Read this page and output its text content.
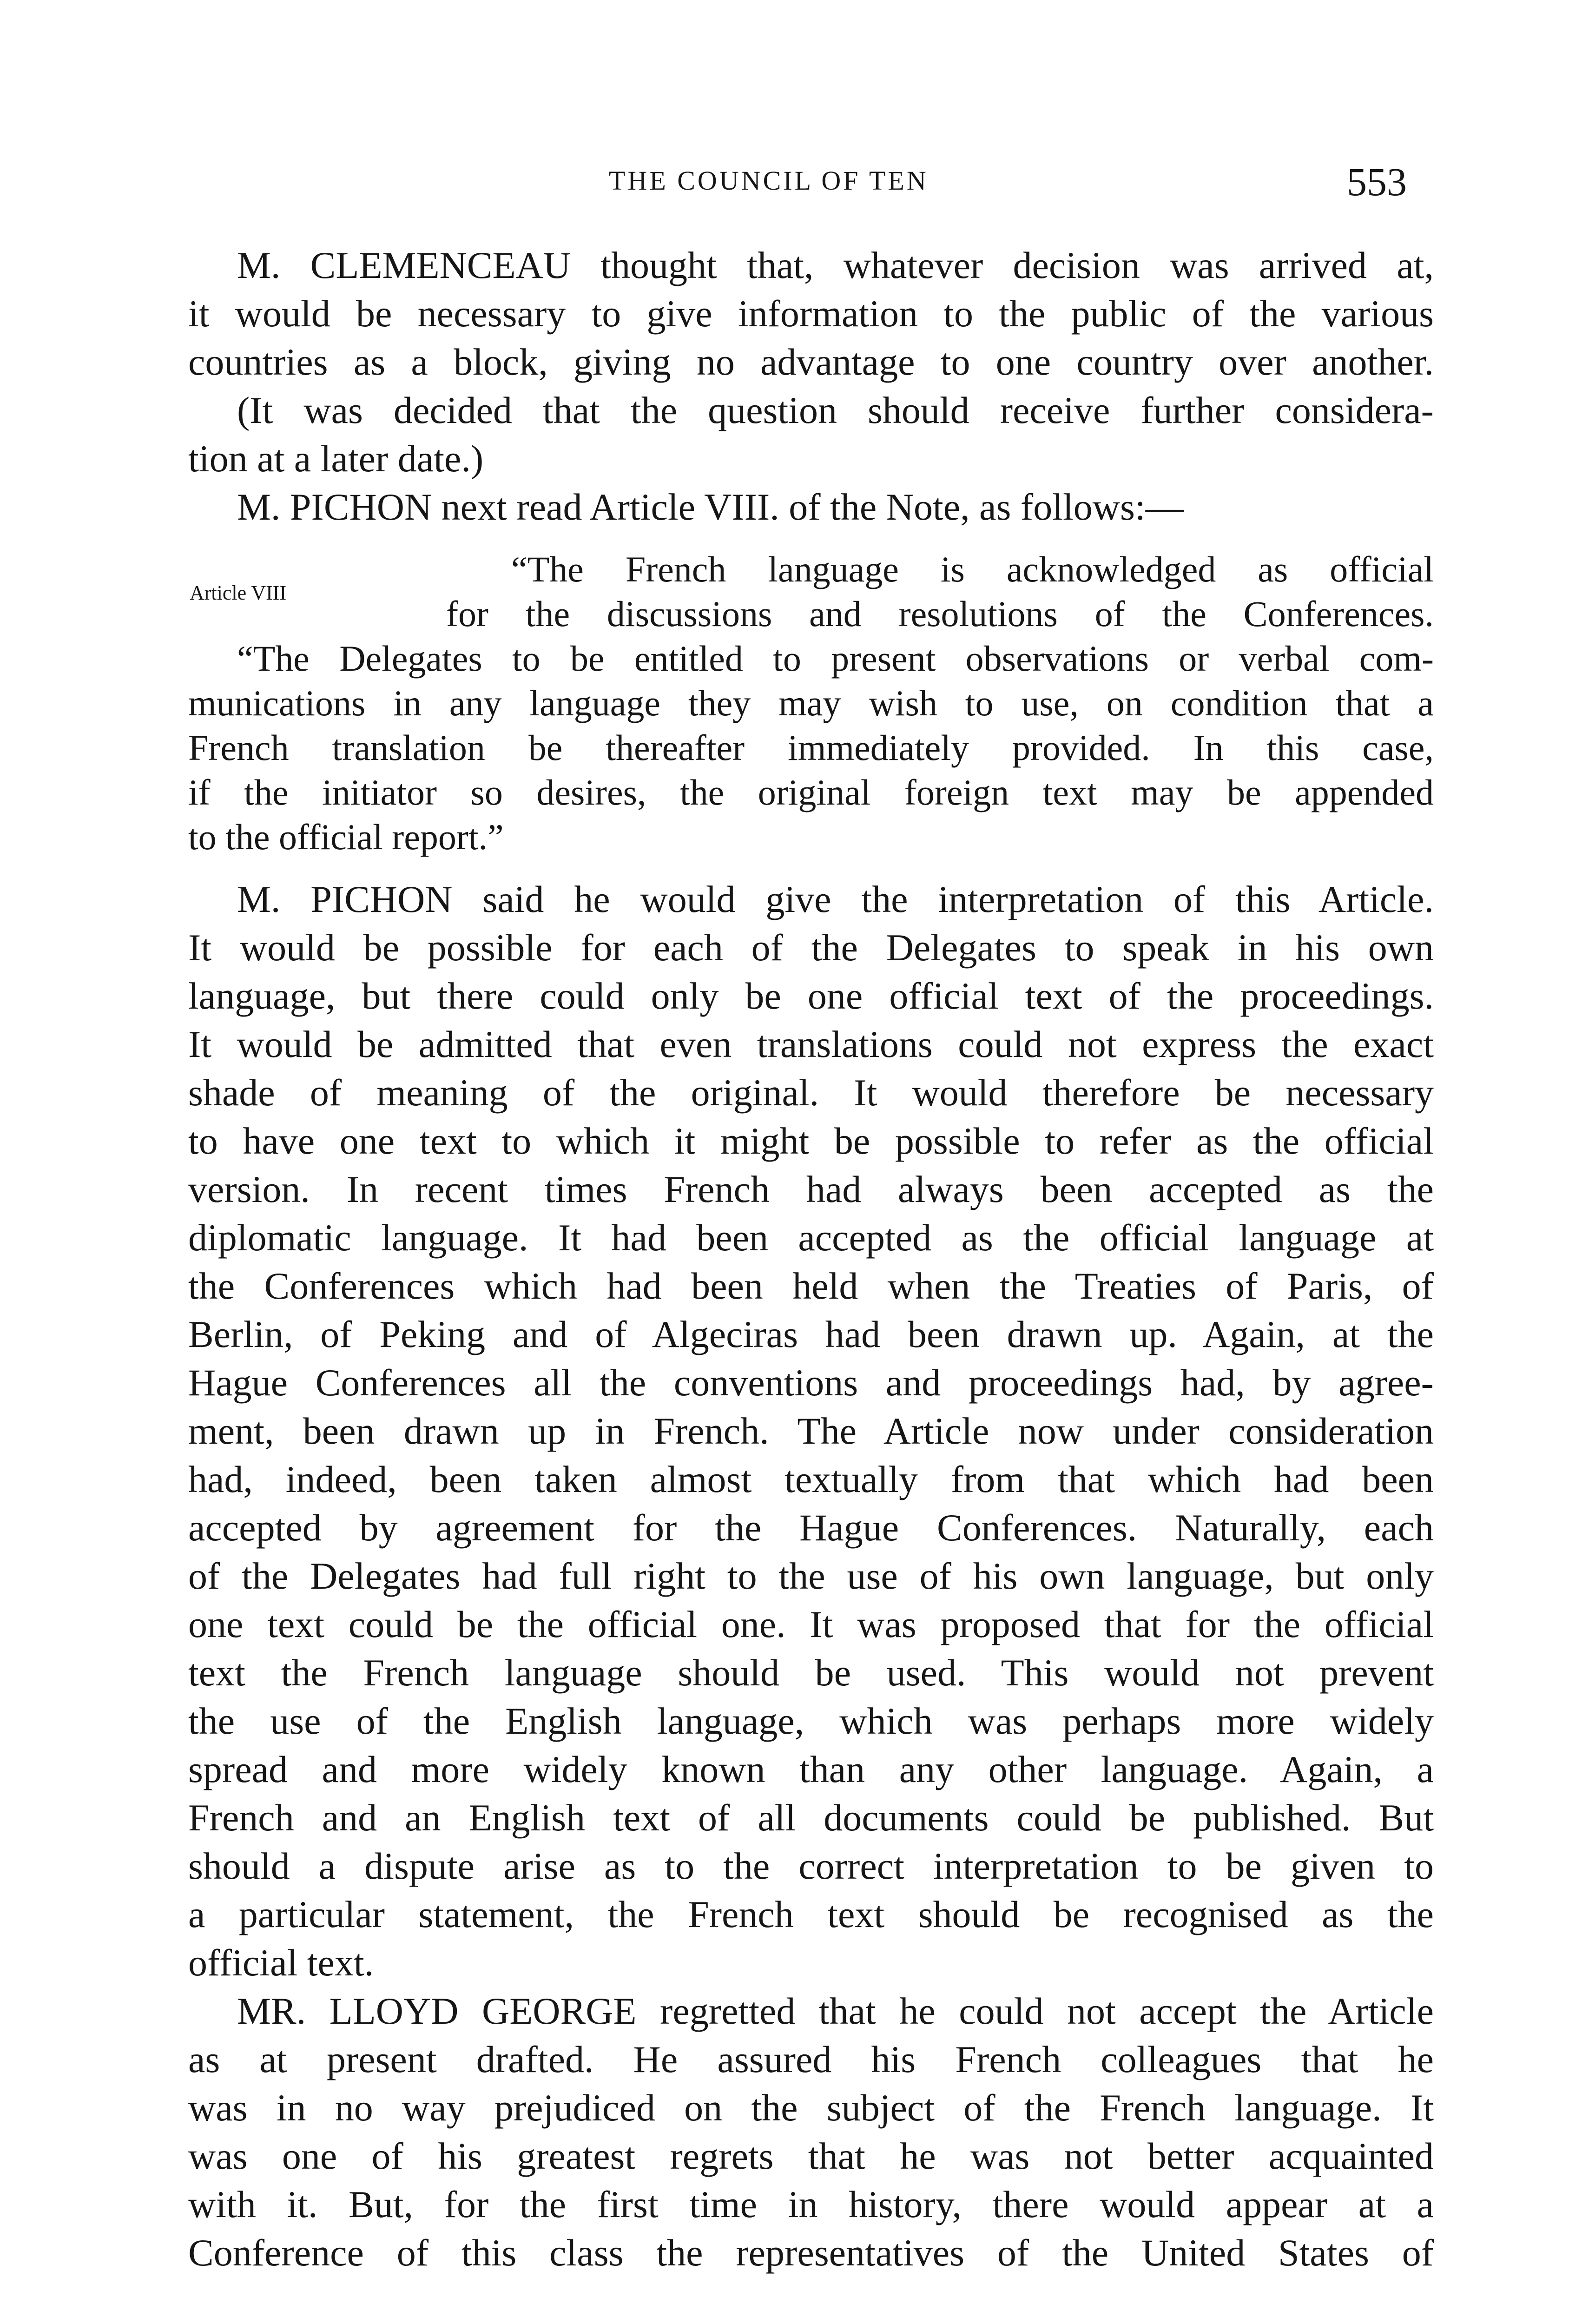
THE COUNCIL OF TEN	553
M. CLEMENCEAU thought that, whatever decision was arrived at,
it would be necessary to give information to the public of the various
countries as a block, giving no advantage to one country over another.
(It was decided that the question should receive further considera-
tion at a later date.)
M. PICHON next read Article VIII. of the Note, as follows:—
Article VIII
“The French language is acknowledged as official
for the discussions and resolutions of the Conferences.
“The Delegates to be entitled to present observations or verbal com-
munications in any language they may wish to use, on condition that a
French translation be thereafter immediately provided. In this case,
if the initiator so desires, the original foreign text may be appended
to the official report.”
M. PICHON said he would give the interpretation of this Article.
It would be possible for each of the Delegates to speak in his own
language, but there could only be one official text of the proceedings.
It would be admitted that even translations could not express the exact
shade of meaning of the original. It would therefore be necessary
to have one text to which it might be possible to refer as the official
version. In recent times French had always been accepted as the
diplomatic language. It had been accepted as the official language at
the Conferences which had been held when the Treaties of Paris, of
Berlin, of Peking and of Algeciras had been drawn up. Again, at the
Hague Conferences all the conventions and proceedings had, by agree-
ment, been drawn up in French. The Article now under consideration
had, indeed, been taken almost textually from that which had been
accepted by agreement for the Hague Conferences. Naturally, each
of the Delegates had full right to the use of his own language, but only
one text could be the official one. It was proposed that for the official
text the French language should be used. This would not prevent
the use of the English language, which was perhaps more widely
spread and more widely known than any other language. Again, a
French and an English text of all documents could be published. But
should a dispute arise as to the correct interpretation to be given to
a particular statement, the French text should be recognised as the
official text.
MR. LLOYD GEORGE regretted that he could not accept the Article
as at present drafted. He assured his French colleagues that he
was in no way prejudiced on the subject of the French language. It
was one of his greatest regrets that he was not better acquainted
with it. But, for the first time in history, there would appear at a
Conference of this class the representatives of the United States of
